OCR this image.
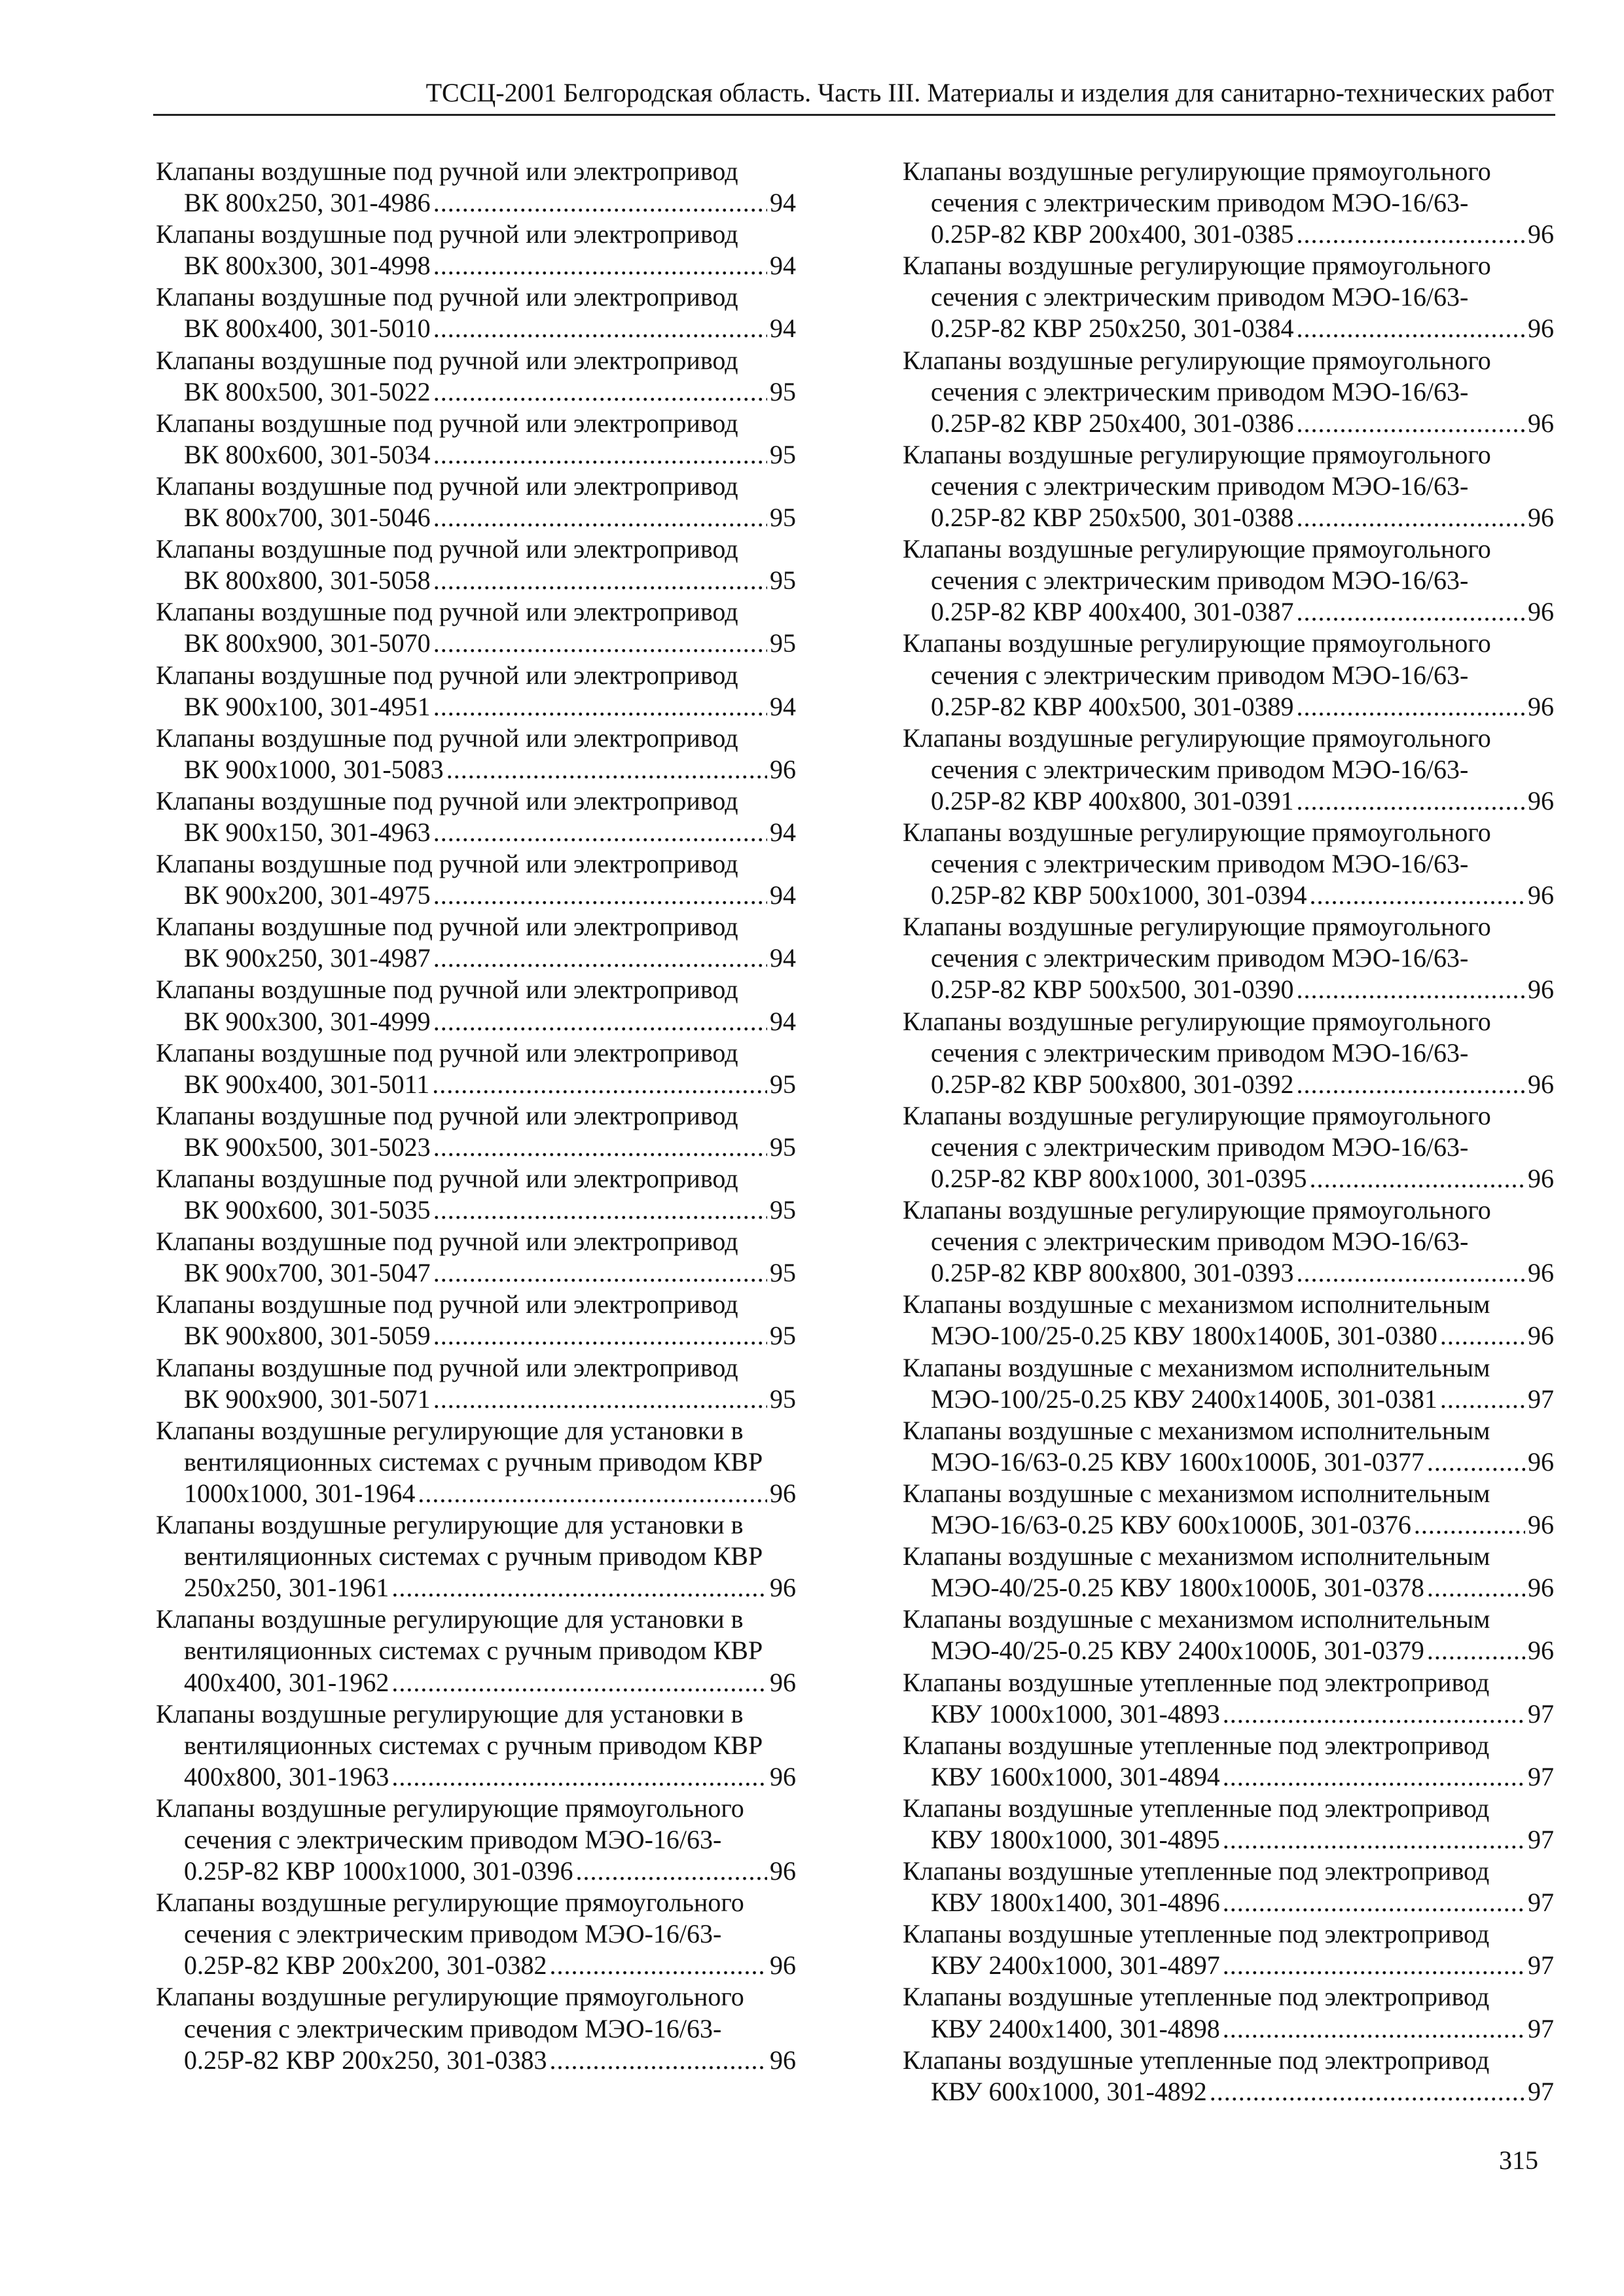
ТССЦ-2001 Белгородская область. Часть III. Материалы и изделия для санитарно-технических работ
Клапаны воздушные под ручной или электропривод
ВК 800х250, 301-4986 .....	94
Клапаны воздушные под ручной или электропривод
ВК 800х300, 301-4998 .....	94
Клапаны воздушные под ручной или электропривод
ВК 800х400, 301-5010 .....	94
Клапаны воздушные под ручной или электропривод
ВК 800х500, 301-5022 .....	95
Клапаны воздушные под ручной или электропривод
ВК 800х600, 301-5034 .....	95
Клапаны воздушные под ручной или электропривод
ВК 800х700, 301-5046 .....	95
Клапаны воздушные под ручной или электропривод
ВК 800х800, 301-5058 .....	95
Клапаны воздушные под ручной или электропривод
ВК 800х900, 301-5070 .....	95
Клапаны воздушные под ручной или электропривод
ВК 900х100, 301-4951 .....	94
Клапаны воздушные под ручной или электропривод
ВК 900х1000, 301-5083 .....	96
Клапаны воздушные под ручной или электропривод
ВК 900х150, 301-4963 .....	94
Клапаны воздушные под ручной или электропривод
ВК 900х200, 301-4975 .....	94
Клапаны воздушные под ручной или электропривод
ВК 900х250, 301-4987 .....	94
Клапаны воздушные под ручной или электропривод
ВК 900х300, 301-4999 .....	94
Клапаны воздушные под ручной или электропривод
ВК 900х400, 301-5011 .....	95
Клапаны воздушные под ручной или электропривод
ВК 900х500, 301-5023 .....	95
Клапаны воздушные под ручной или электропривод
ВК 900х600, 301-5035 .....	95
Клапаны воздушные под ручной или электропривод
ВК 900х700, 301-5047 .....	95
Клапаны воздушные под ручной или электропривод
ВК 900х800, 301-5059 .....	95
Клапаны воздушные под ручной или электропривод
ВК 900х900, 301-5071 .....	95
Клапаны воздушные регулирующие для установки в
вентиляционных системах с ручным приводом КВР
1000х1000, 301-1964 .....	96
Клапаны воздушные регулирующие для установки в
вентиляционных системах с ручным приводом КВР
250х250, 301-1961 .....	96
Клапаны воздушные регулирующие для установки в
вентиляционных системах с ручным приводом КВР
400х400, 301-1962 .....	96
Клапаны воздушные регулирующие для установки в
вентиляционных системах с ручным приводом КВР
400х800, 301-1963 .....	96
Клапаны воздушные регулирующие прямоугольного
сечения с электрическим приводом МЭО-16/63-
0.25Р-82 КВР 1000х1000, 301-0396 .....	96
Клапаны воздушные регулирующие прямоугольного
сечения с электрическим приводом МЭО-16/63-
0.25Р-82 КВР 200х200, 301-0382 .....	96
Клапаны воздушные регулирующие прямоугольного
сечения с электрическим приводом МЭО-16/63-
0.25Р-82 КВР 200х250, 301-0383 .....	96
Клапаны воздушные регулирующие прямоугольного
сечения с электрическим приводом МЭО-16/63-
0.25Р-82 КВР 200х400, 301-0385 .....	96
Клапаны воздушные регулирующие прямоугольного
сечения с электрическим приводом МЭО-16/63-
0.25Р-82 КВР 250х250, 301-0384 .....	96
Клапаны воздушные регулирующие прямоугольного
сечения с электрическим приводом МЭО-16/63-
0.25Р-82 КВР 250х400, 301-0386 .....	96
Клапаны воздушные регулирующие прямоугольного
сечения с электрическим приводом МЭО-16/63-
0.25Р-82 КВР 250х500, 301-0388 .....	96
Клапаны воздушные регулирующие прямоугольного
сечения с электрическим приводом МЭО-16/63-
0.25Р-82 КВР 400х400, 301-0387 .....	96
Клапаны воздушные регулирующие прямоугольного
сечения с электрическим приводом МЭО-16/63-
0.25Р-82 КВР 400х500, 301-0389 .....	96
Клапаны воздушные регулирующие прямоугольного
сечения с электрическим приводом МЭО-16/63-
0.25Р-82 КВР 400х800, 301-0391 .....	96
Клапаны воздушные регулирующие прямоугольного
сечения с электрическим приводом МЭО-16/63-
0.25Р-82 КВР 500х1000, 301-0394 .....	96
Клапаны воздушные регулирующие прямоугольного
сечения с электрическим приводом МЭО-16/63-
0.25Р-82 КВР 500х500, 301-0390 .....	96
Клапаны воздушные регулирующие прямоугольного
сечения с электрическим приводом МЭО-16/63-
0.25Р-82 КВР 500х800, 301-0392 .....	96
Клапаны воздушные регулирующие прямоугольного
сечения с электрическим приводом МЭО-16/63-
0.25Р-82 КВР 800х1000, 301-0395 .....	96
Клапаны воздушные регулирующие прямоугольного
сечения с электрическим приводом МЭО-16/63-
0.25Р-82 КВР 800х800, 301-0393 .....	96
Клапаны воздушные с механизмом исполнительным
МЭО-100/25-0.25 КВУ 1800х1400Б, 301-0380 .....	96
Клапаны воздушные с механизмом исполнительным
МЭО-100/25-0.25 КВУ 2400х1400Б, 301-0381 .....	97
Клапаны воздушные с механизмом исполнительным
МЭО-16/63-0.25 КВУ 1600х1000Б, 301-0377 .....	96
Клапаны воздушные с механизмом исполнительным
МЭО-16/63-0.25 КВУ 600х1000Б, 301-0376 .....	96
Клапаны воздушные с механизмом исполнительным
МЭО-40/25-0.25 КВУ 1800х1000Б, 301-0378 .....	96
Клапаны воздушные с механизмом исполнительным
МЭО-40/25-0.25 КВУ 2400х1000Б, 301-0379 .....	96
Клапаны воздушные утепленные под электропривод
КВУ 1000х1000, 301-4893 .....	97
Клапаны воздушные утепленные под электропривод
КВУ 1600х1000, 301-4894 .....	97
Клапаны воздушные утепленные под электропривод
КВУ 1800х1000, 301-4895 .....	97
Клапаны воздушные утепленные под электропривод
КВУ 1800х1400, 301-4896 .....	97
Клапаны воздушные утепленные под электропривод
КВУ 2400х1000, 301-4897 .....	97
Клапаны воздушные утепленные под электропривод
КВУ 2400х1400, 301-4898 .....	97
Клапаны воздушные утепленные под электропривод
КВУ 600х1000, 301-4892 .....	97
315
